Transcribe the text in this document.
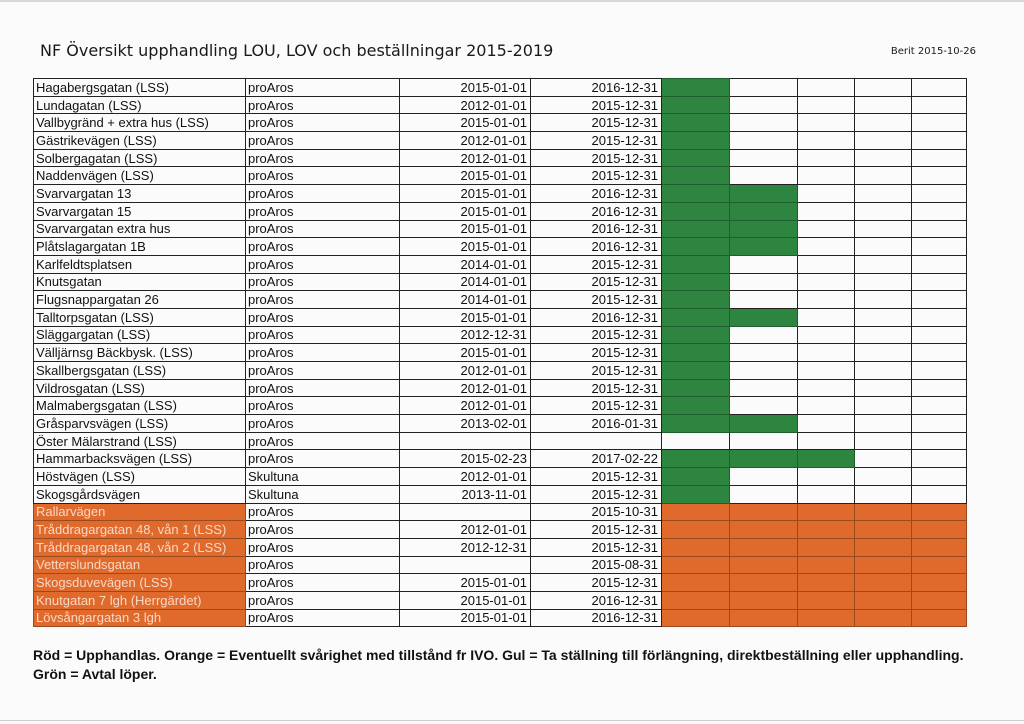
NF Översikt upphandling LOU, LOV och beställningar 2015-2019	Berit 2015-10-26
Hagabergsgatan (LSS)	proAros	2015-01-01	2016-12-31					
Lundagatan (LSS)	proAros	2012-01-01	2015-12-31					
Vallbygränd + extra hus (LSS)	proAros	2015-01-01	2015-12-31					
Gästrikevägen (LSS)	proAros	2012-01-01	2015-12-31					
Solbergagatan (LSS)	proAros	2012-01-01	2015-12-31					
Naddenvägen (LSS)	proAros	2015-01-01	2015-12-31					
Svarvargatan 13	proAros	2015-01-01	2016-12-31					
Svarvargatan 15	proAros	2015-01-01	2016-12-31					
Svarvargatan extra hus	proAros	2015-01-01	2016-12-31					
Plåtslagargatan 1B	proAros	2015-01-01	2016-12-31					
Karlfeldtsplatsen	proAros	2014-01-01	2015-12-31					
Knutsgatan	proAros	2014-01-01	2015-12-31					
Flugsnappargatan 26	proAros	2014-01-01	2015-12-31					
Talltorpsgatan (LSS)	proAros	2015-01-01	2016-12-31					
Släggargatan (LSS)	proAros	2012-12-31	2015-12-31					
Välljärnsg Bäckbysk. (LSS)	proAros	2015-01-01	2015-12-31					
Skallbergsgatan (LSS)	proAros	2012-01-01	2015-12-31					
Vildrosgatan (LSS)	proAros	2012-01-01	2015-12-31					
Malmabergsgatan (LSS)	proAros	2012-01-01	2015-12-31					
Gråsparvsvägen (LSS)	proAros	2013-02-01	2016-01-31					
Öster Mälarstrand (LSS)	proAros							
Hammarbacksvägen (LSS)	proAros	2015-02-23	2017-02-22					
Höstvägen (LSS)	Skultuna	2012-01-01	2015-12-31					
Skogsgårdsvägen	Skultuna	2013-11-01	2015-12-31					
Rallarvägen	proAros		2015-10-31					
Tråddragargatan 48, vån 1 (LSS)	proAros	2012-01-01	2015-12-31					
Tråddragargatan 48, vån 2 (LSS)	proAros	2012-12-31	2015-12-31					
Vetterslundsgatan	proAros		2015-08-31					
Skogsduvevägen (LSS)	proAros	2015-01-01	2015-12-31					
Knutgatan 7 lgh (Herrgärdet)	proAros	2015-01-01	2016-12-31					
Lövsångargatan 3 lgh	proAros	2015-01-01	2016-12-31					
Röd = Upphandlas. Orange = Eventuellt svårighet med tillstånd fr IVO. Gul = Ta ställning till förlängning, direktbeställning eller upphandling. Grön = Avtal löper.
